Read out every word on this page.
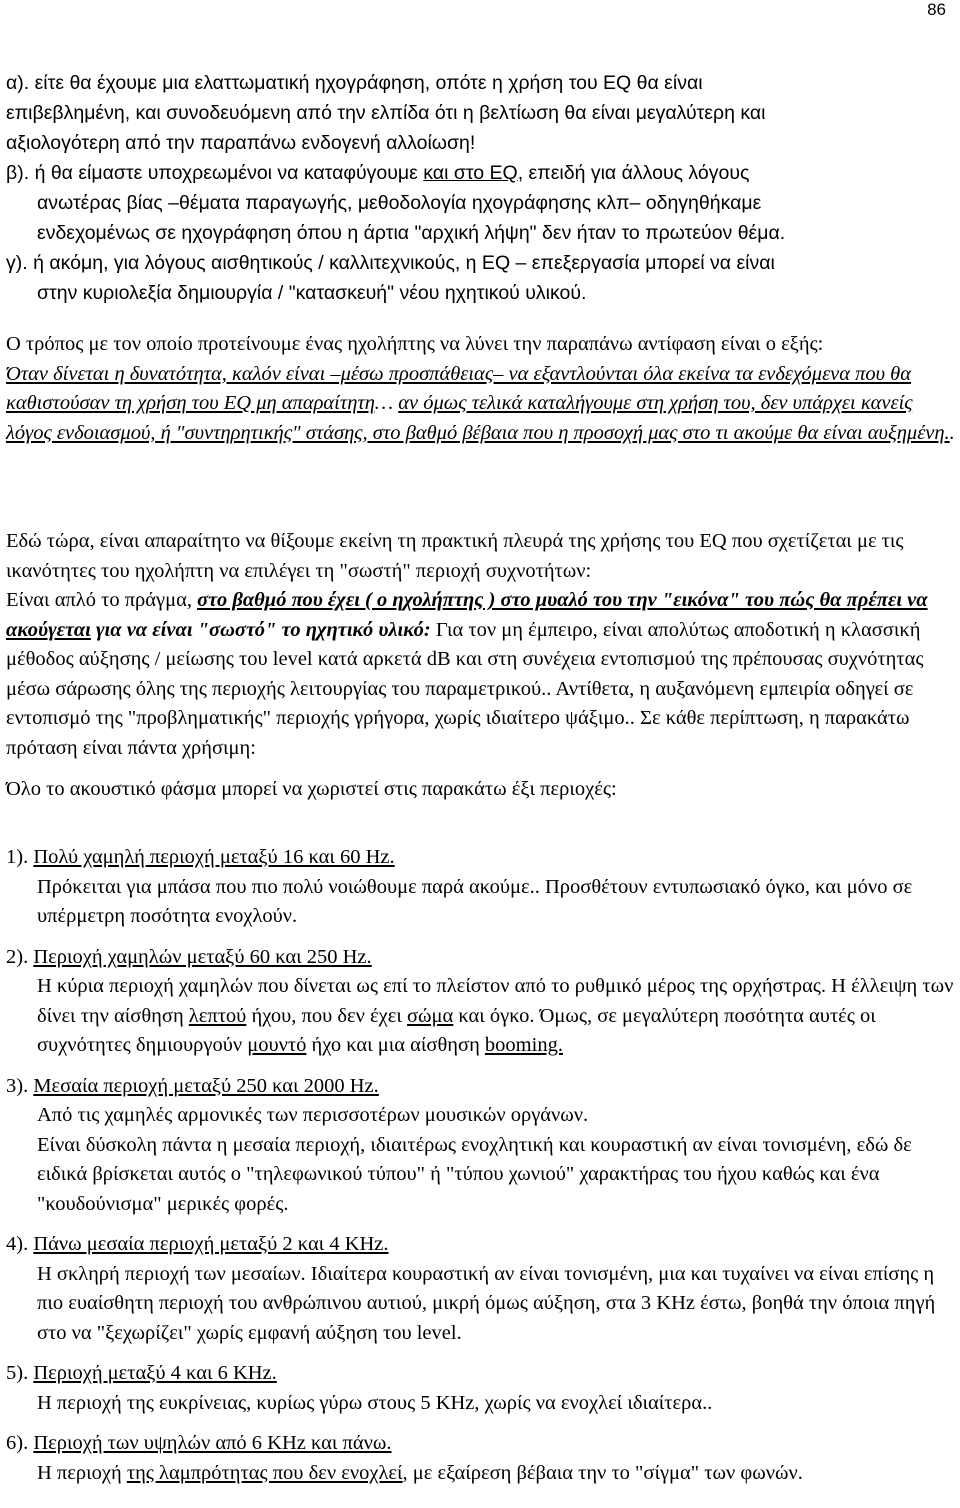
86

α). είτε θα έχουμε μια ελαττωματική ηχογράφηση, οπότε η χρήση του EQ θα είναι

επιβεβλημένη, και συνοδευόμενη από την ελπίδα ότι η βελτίωση θα είναι μεγαλύτερη και

αξιολογότερη από την παραπάνω ενδογενή αλλοίωση!

β). ή θα είμαστε υποχρεωμένοι να καταφύγουμε και στο EQ, επειδή για άλλους λόγους

ανωτέρας βίας –θέματα παραγωγής, μεθοδολογία ηχογράφησης κλπ– οδηγηθήκαμε

ενδεχομένως σε ηχογράφηση όπου η άρτια "αρχική λήψη" δεν ήταν το πρωτεύον θέμα.

γ). ή ακόμη, για λόγους αισθητικούς / καλλιτεχνικούς, η EQ – επεξεργασία μπορεί να είναι

στην κυριολεξία δημιουργία / "κατασκευή" νέου ηχητικού υλικού.

Ο τρόπος με τον οποίο προτείνουμε ένας ηχολήπτης να λύνει την παραπάνω αντίφαση είναι ο εξής:

Όταν δίνεται η δυνατότητα, καλόν είναι –μέσω προσπάθειας– να εξαντλούνται όλα εκείνα τα ενδεχόμενα που θα καθιστούσαν τη χρήση του EQ μη απαραίτητη… αν όμως τελικά καταλήγουμε στη χρήση του, δεν υπάρχει κανείς λόγος ενδοιασμού, ή "συντηρητικής" στάσης, στο βαθμό βέβαια που η προσοχή μας στο τι ακούμε θα είναι αυξημένη..

Εδώ τώρα, είναι απαραίτητο να θίξουμε εκείνη τη πρακτική πλευρά της χρήσης του EQ που σχετίζεται με τις ικανότητες του ηχολήπτη να επιλέγει τη "σωστή" περιοχή συχνοτήτων:

Είναι απλό το πράγμα, στο βαθμό που έχει ( ο ηχολήπτης ) στο μυαλό του την "εικόνα" του πώς θα πρέπει να ακούγεται για να είναι "σωστό" το ηχητικό υλικό: Για τον μη έμπειρο, είναι απολύτως αποδοτική η κλασσική μέθοδος αύξησης / μείωσης του level κατά αρκετά dB και στη συνέχεια εντοπισμού της πρέπουσας συχνότητας μέσω σάρωσης όλης της περιοχής λειτουργίας του παραμετρικού.. Αντίθετα, η αυξανόμενη εμπειρία οδηγεί σε εντοπισμό της "προβληματικής" περιοχής γρήγορα, χωρίς ιδιαίτερο ψάξιμο.. Σε κάθε περίπτωση, η παρακάτω πρόταση είναι πάντα χρήσιμη:

Όλο το ακουστικό φάσμα μπορεί να χωριστεί στις παρακάτω έξι περιοχές:

1). Πολύ χαμηλή περιοχή μεταξύ 16 και 60 Hz.

Πρόκειται για μπάσα που πιο πολύ νοιώθουμε παρά ακούμε.. Προσθέτουν εντυπωσιακό όγκο, και μόνο σε υπέρμετρη ποσότητα ενοχλούν.

2). Περιοχή χαμηλών μεταξύ 60 και 250 Hz.

Η κύρια περιοχή χαμηλών που δίνεται ως επί το πλείστον από το ρυθμικό μέρος της ορχήστρας. Η έλλειψη των δίνει την αίσθηση λεπτού ήχου, που δεν έχει σώμα και όγκο. Όμως, σε μεγαλύτερη ποσότητα αυτές οι συχνότητες δημιουργούν μουντό ήχο και μια αίσθηση booming.

3). Μεσαία περιοχή μεταξύ 250 και 2000 Hz.

Από τις χαμηλές αρμονικές των περισσοτέρων μουσικών οργάνων.

Είναι δύσκολη πάντα η μεσαία περιοχή, ιδιαιτέρως ενοχλητική και κουραστική αν είναι τονισμένη, εδώ δε ειδικά βρίσκεται αυτός ο "τηλεφωνικού τύπου" ή "τύπου χωνιού" χαρακτήρας του ήχου καθώς και ένα "κουδούνισμα" μερικές φορές.

4). Πάνω μεσαία περιοχή μεταξύ 2 και 4 KHz.

Η σκληρή περιοχή των μεσαίων. Ιδιαίτερα κουραστική αν είναι τονισμένη, μια και τυχαίνει να είναι επίσης η πιο ευαίσθητη περιοχή του ανθρώπινου αυτιού, μικρή όμως αύξηση, στα 3 KHz έστω, βοηθά την όποια πηγή στο να "ξεχωρίζει" χωρίς εμφανή αύξηση του level.

5). Περιοχή μεταξύ 4 και 6 KHz.

Η περιοχή της ευκρίνειας, κυρίως γύρω στους 5 KHz, χωρίς να ενοχλεί ιδιαίτερα..

6). Περιοχή των υψηλών από 6 KHz και πάνω.

Η περιοχή της λαμπρότητας που δεν ενοχλεί, με εξαίρεση βέβαια την το "σίγμα" των φωνών.
